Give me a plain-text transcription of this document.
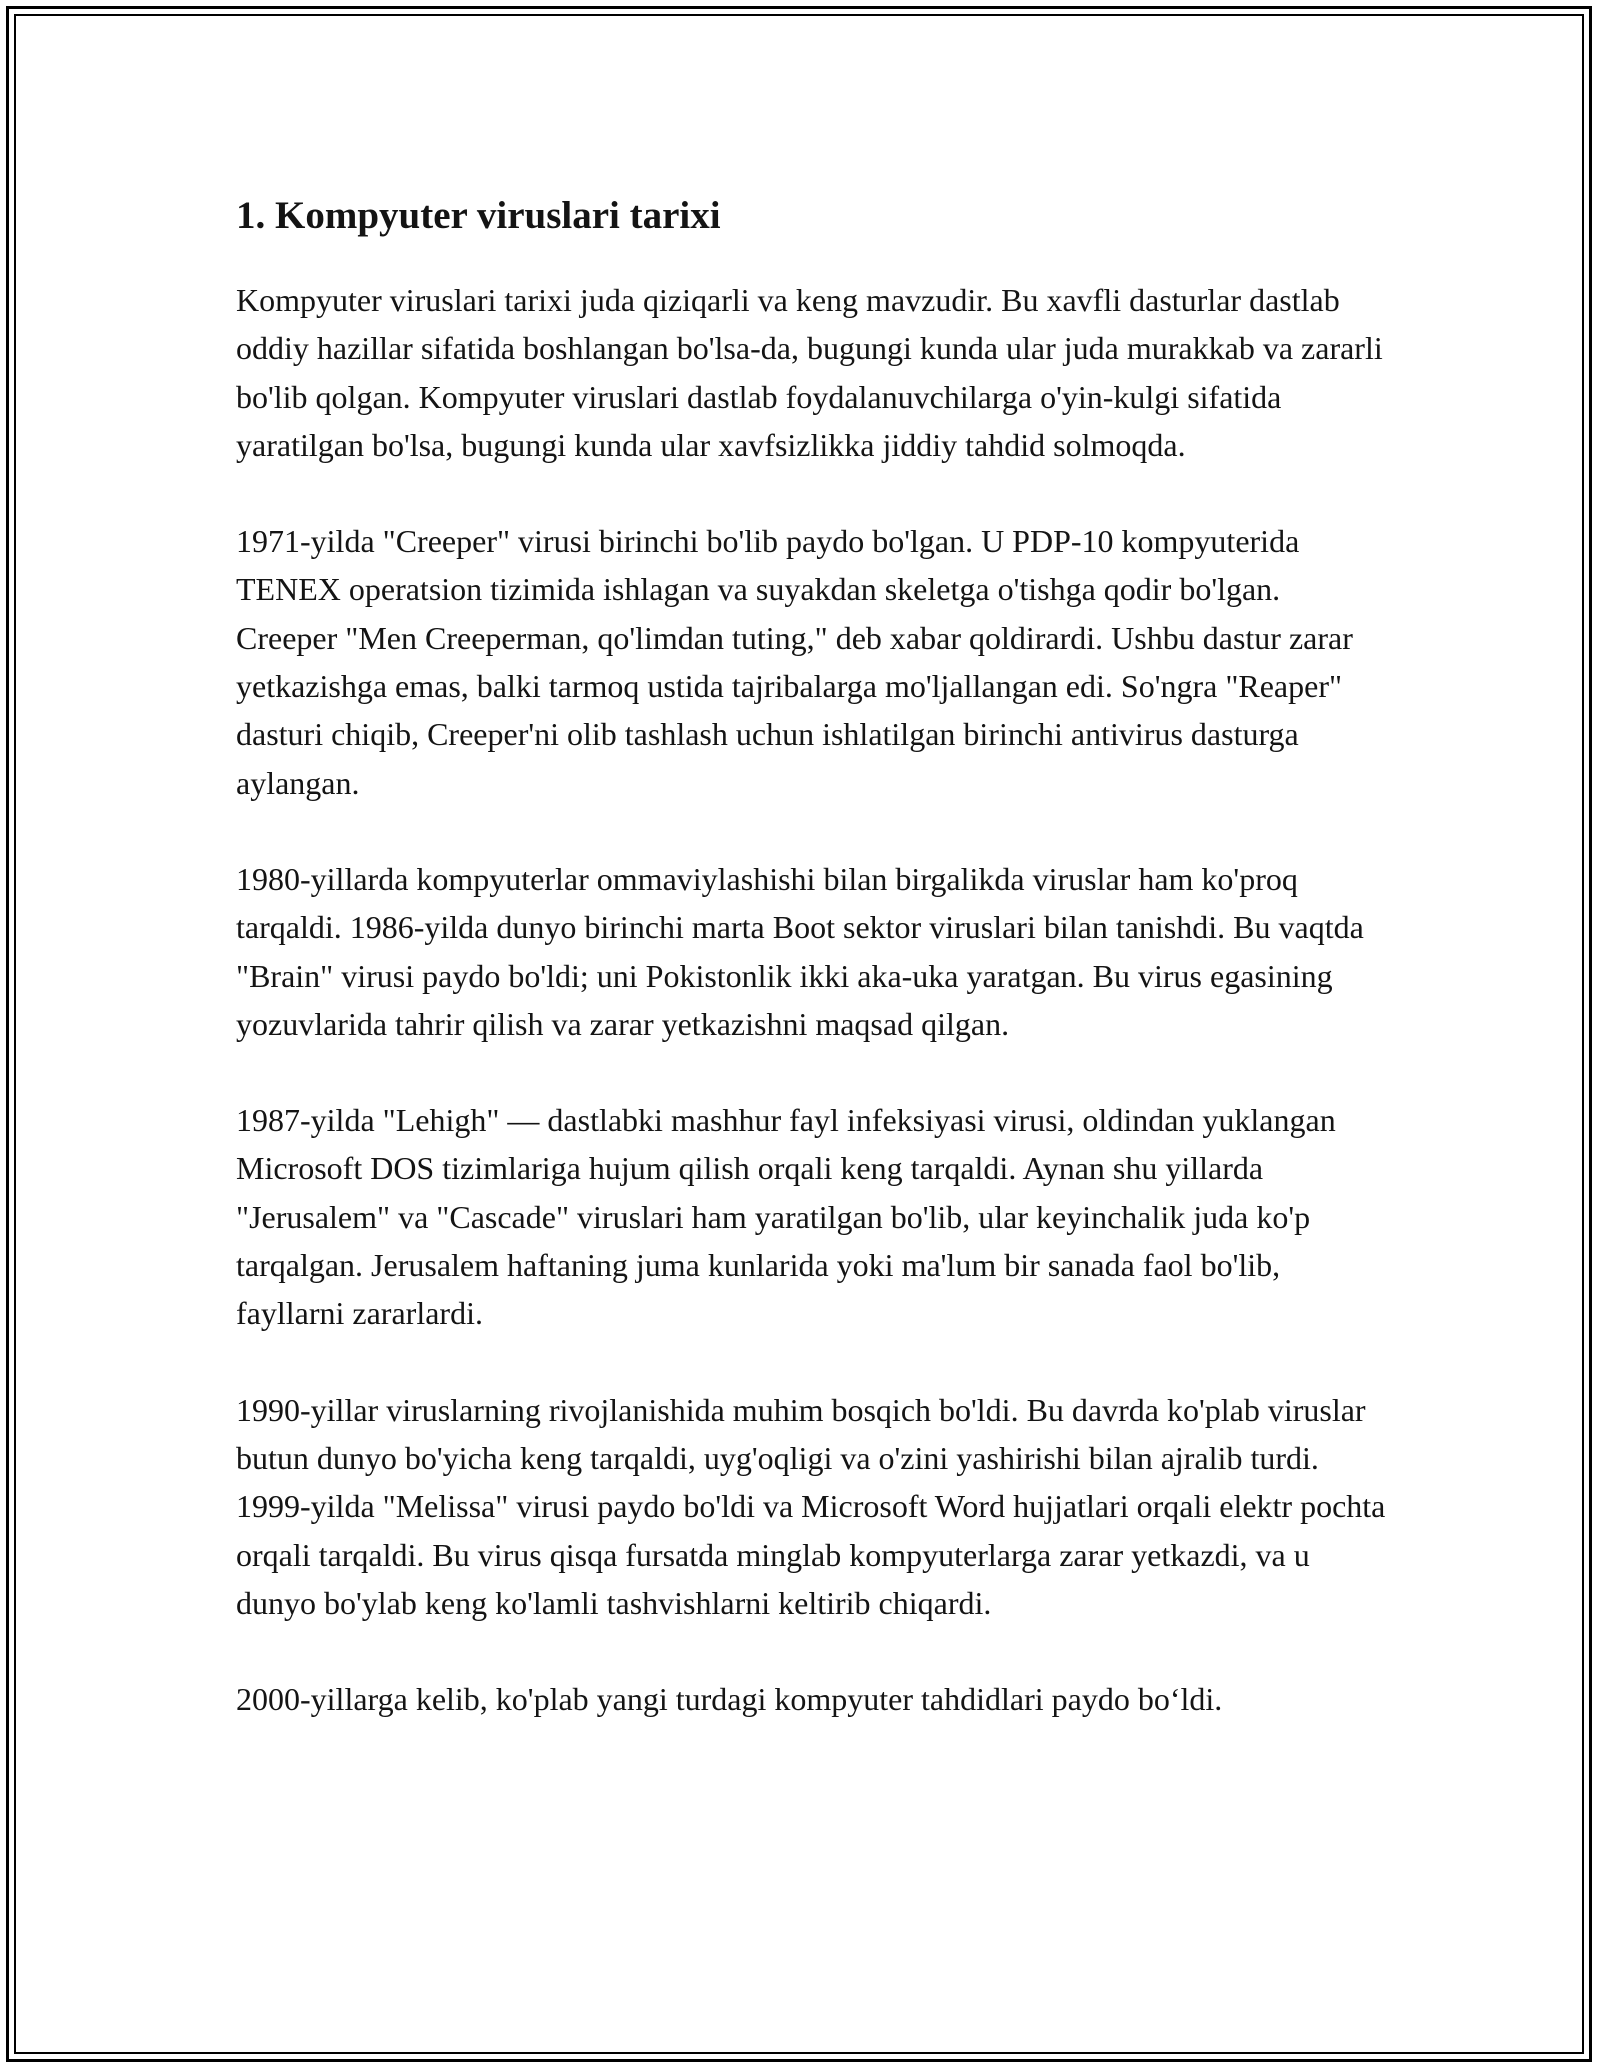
1. Kompyuter viruslari tarixi

Kompyuter viruslari tarixi juda qiziqarli va keng mavzudir. Bu xavfli dasturlar dastlab oddiy hazillar sifatida boshlangan bo'lsa-da, bugungi kunda ular juda murakkab va zararli bo'lib qolgan. Kompyuter viruslari dastlab foydalanuvchilarga o'yin-kulgi sifatida yaratilgan bo'lsa, bugungi kunda ular xavfsizlikka jiddiy tahdid solmoqda.

1971-yilda "Creeper" virusi birinchi bo'lib paydo bo'lgan. U PDP-10 kompyuterida TENEX operatsion tizimida ishlagan va suyakdan skeletga o'tishga qodir bo'lgan. Creeper "Men Creeperman, qo'limdan tuting," deb xabar qoldirardi. Ushbu dastur zarar yetkazishga emas, balki tarmoq ustida tajribalarga mo'ljallangan edi. So'ngra "Reaper" dasturi chiqib, Creeper'ni olib tashlash uchun ishlatilgan birinchi antivirus dasturga aylangan.

1980-yillarda kompyuterlar ommaviylashishi bilan birgalikda viruslar ham ko'proq tarqaldi. 1986-yilda dunyo birinchi marta Boot sektor viruslari bilan tanishdi. Bu vaqtda "Brain" virusi paydo bo'ldi; uni Pokistonlik ikki aka-uka yaratgan. Bu virus egasining yozuvlarida tahrir qilish va zarar yetkazishni maqsad qilgan.

1987-yilda "Lehigh" — dastlabki mashhur fayl infeksiyasi virusi, oldindan yuklangan Microsoft DOS tizimlariga hujum qilish orqali keng tarqaldi. Aynan shu yillarda "Jerusalem" va "Cascade" viruslari ham yaratilgan bo'lib, ular keyinchalik juda ko'p tarqalgan. Jerusalem haftaning juma kunlarida yoki ma'lum bir sanada faol bo'lib, fayllarni zararlardi.

1990-yillar viruslarning rivojlanishida muhim bosqich bo'ldi. Bu davrda ko'plab viruslar butun dunyo bo'yicha keng tarqaldi, uyg'oqligi va o'zini yashirishi bilan ajralib turdi. 1999-yilda "Melissa" virusi paydo bo'ldi va Microsoft Word hujjatlari orqali elektr pochta orqali tarqaldi. Bu virus qisqa fursatda minglab kompyuterlarga zarar yetkazdi, va u dunyo bo'ylab keng ko'lamli tashvishlarni keltirib chiqardi.

2000-yillarga kelib, ko'plab yangi turdagi kompyuter tahdidlari paydo bo‘ldi.
